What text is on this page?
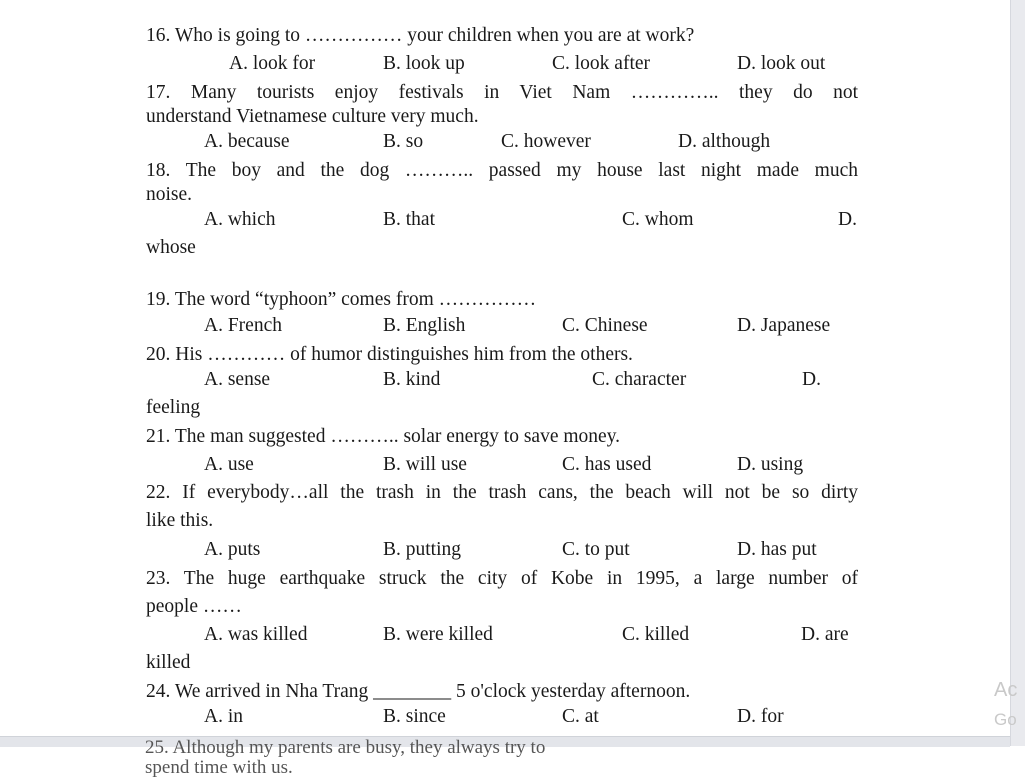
16. Who is going to …………… your children when you are at work?
A. look for	B. look up	C. look after	D. look out
17. Many tourists enjoy festivals in Viet Nam ………….. they do not
understand Vietnamese culture very much.
A. because	B. so	C. however	D. although
18. The boy and the dog ……….. passed my house last night made much
noise.
A. which	B. that	C. whom	D.
whose
19. The word “typhoon” comes from ……………
A. French	B. English	C. Chinese	D. Japanese
20. His ………… of humor distinguishes him from the others.
A. sense	B. kind	C. character	D.
feeling
21. The man suggested ……….. solar energy to save money.
A. use	B. will use	C. has used	D. using
22. If everybody…all the trash in the trash cans, the beach will not be so dirty
like this.
A. puts	B. putting	C. to put	D. has put
23. The huge earthquake struck the city of Kobe in 1995, a large number of
people ……
A. was killed	B. were killed	C. killed	D. are
killed
24. We arrived in Nha Trang ________ 5 o'clock yesterday afternoon.
A. in	B. since	C. at	D. for
25. Although my parents are busy, they always try to spend time with us.
Ac
Go
